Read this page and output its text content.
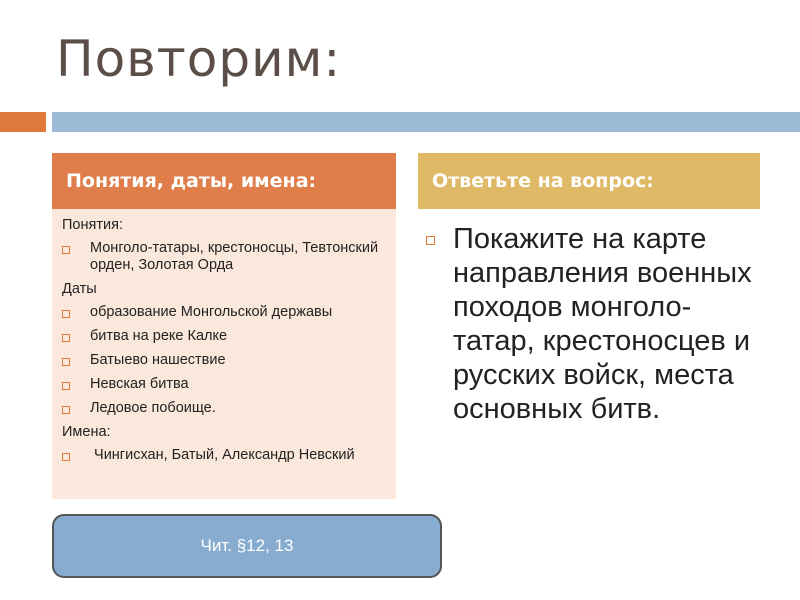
Повторим:
Понятия, даты, имена:	Ответьте на вопрос:
Понятия:
Монголо-татары, крестоносцы, Тевтонский орден, Золотая Орда
Даты
образование Монгольской державы
битва на реке Калке
Батыево нашествие
Невская битва
Ледовое побоище.
Имена:
Чингисхан, Батый, Александр Невский
Покажите на карте направления военных походов монголо-татар, крестоносцев и русских войск, места основных битв.
Чит. §12, 13
